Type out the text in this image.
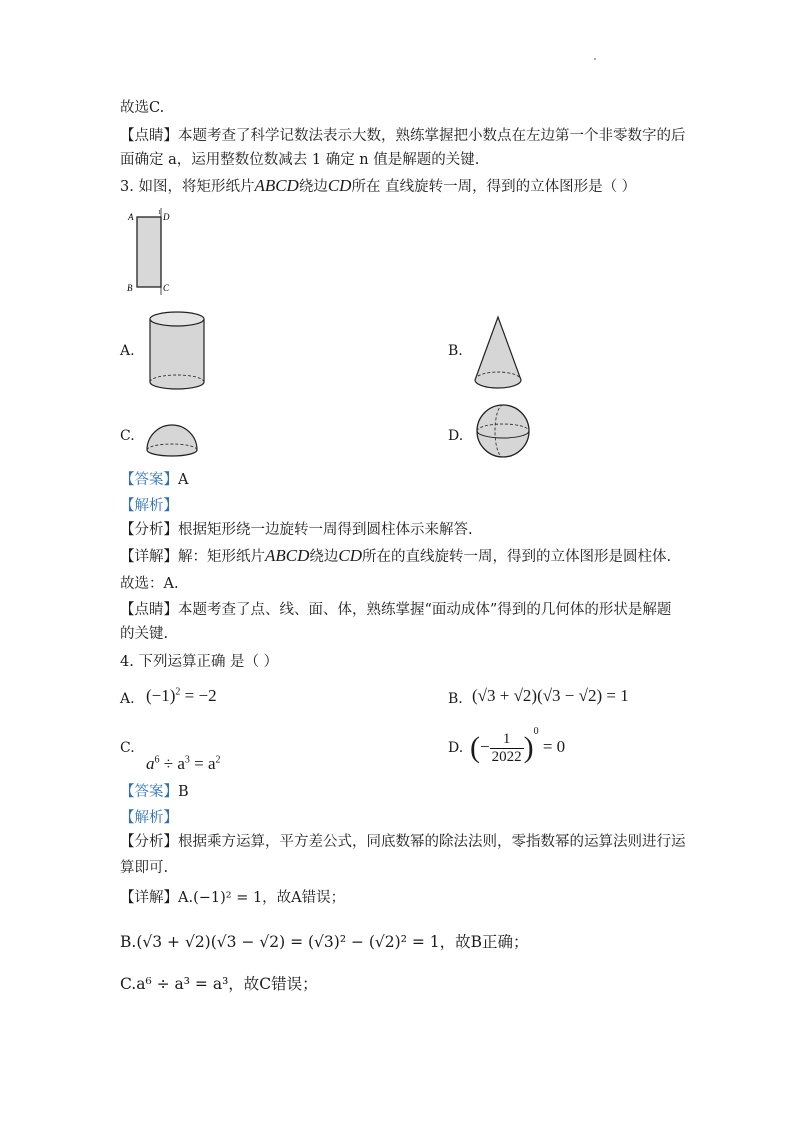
故选C.
【点睛】本题考查了科学记数法表示大数，熟练掌握把小数点在左边第一个非零数字的后
面确定 a，运用整数位数减去 1 确定 n 值是解题的关键.
3. 如图，将矩形纸片ABCD绕边CD所在 直线旋转一周，得到的立体图形是（ ）
A	D
1
B	C
A.	B.
C.	D.
【答案】A
【解析】
【分析】根据矩形绕一边旋转一周得到圆柱体示来解答.
【详解】解：矩形纸片ABCD绕边CD所在的直线旋转一周，得到的立体图形是圆柱体.
故选：A.
【点睛】本题考查了点、线、面、体，熟练掌握“面动成体”得到的几何体的形状是解题
的关键.
4. 下列运算正确 是（ ）
A. $(-1)^2 = -2$	B. (√3 + √2)(√3 − √2) = 1
C.
$a^6 \div a^3 = a^2$
D. (− $\frac{1}{2022} )^0 = 0$
【答案】B
【解析】
【分析】根据乘方运算，平方差公式，同底数幂的除法法则，零指数幂的运算法则进行运
算即可.
【详解】A.(−1)² = 1，故A错误；
B.(√3 + √2)(√3 − √2) = (√3)² − (√2)² = 1，故B正确；
C.a⁶ ÷ a³ = a³，故C错误；
